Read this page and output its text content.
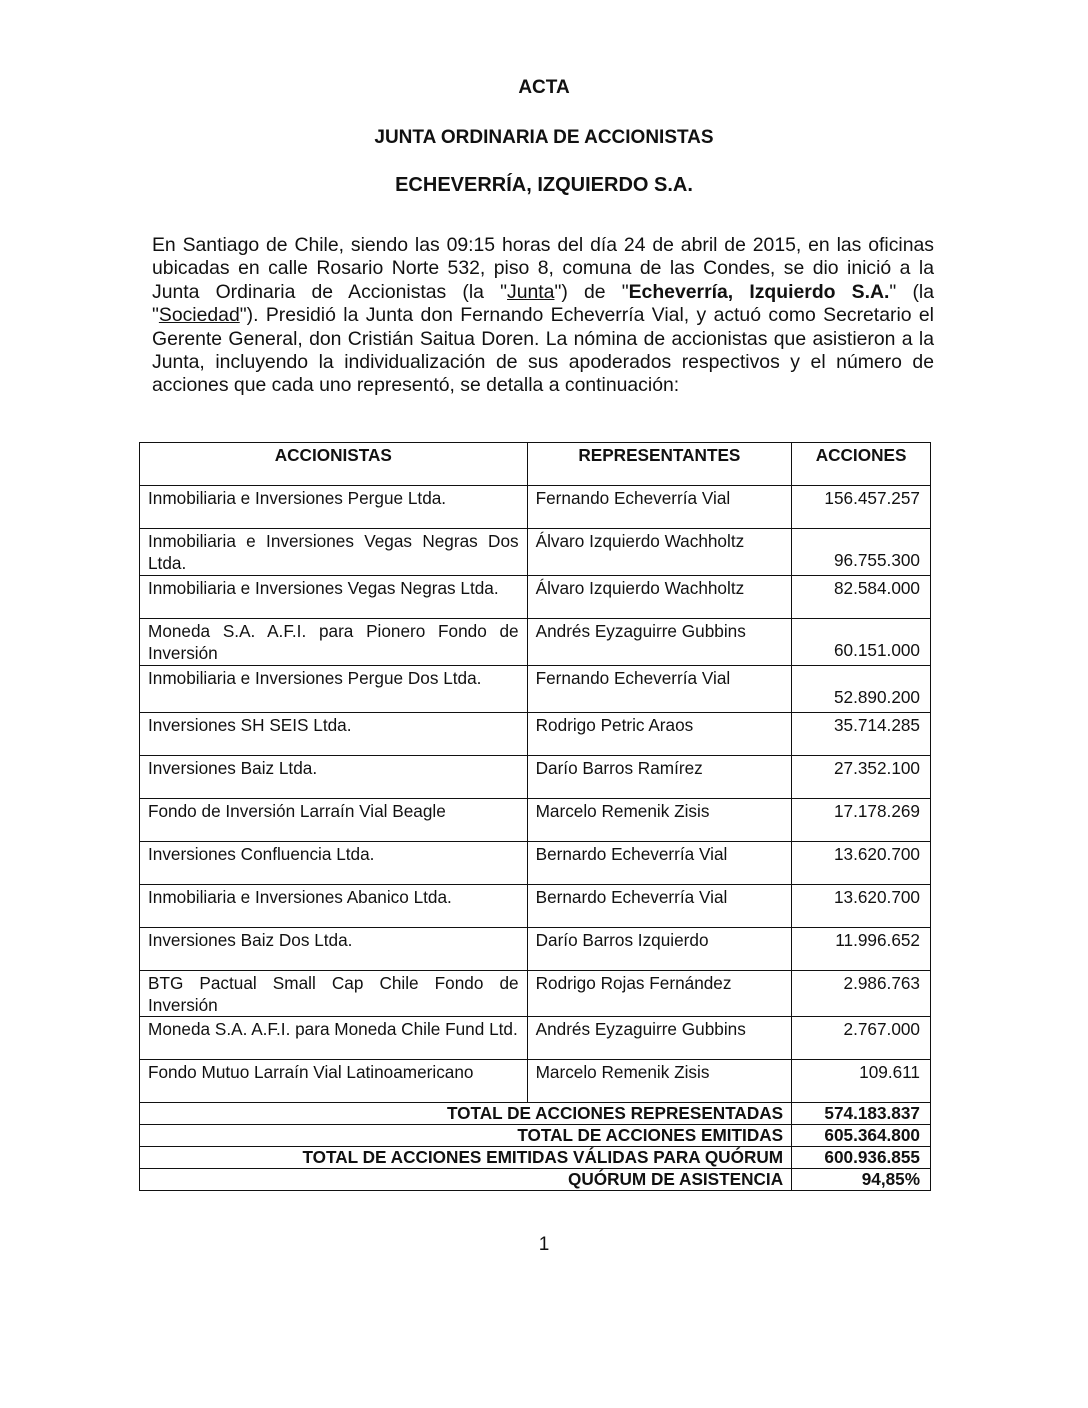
ACTA
JUNTA ORDINARIA DE ACCIONISTAS
ECHEVERRÍA, IZQUIERDO S.A.
En Santiago de Chile, siendo las 09:15 horas del día 24 de abril de 2015, en las oficinas ubicadas en calle Rosario Norte 532, piso 8, comuna de las Condes, se dio inició a la Junta Ordinaria de Accionistas (la "Junta") de "Echeverría, Izquierdo S.A." (la "Sociedad"). Presidió la Junta don Fernando Echeverría Vial, y actuó como Secretario el Gerente General, don Cristián Saitua Doren. La nómina de accionistas que asistieron a la Junta, incluyendo la individualización de sus apoderados respectivos y el número de acciones que cada uno representó, se detalla a continuación:
ACCIONISTAS	REPRESENTANTES	ACCIONES
Inmobiliaria e Inversiones Pergue Ltda.	Fernando Echeverría Vial	156.457.257
Inmobiliaria e Inversiones Vegas Negras Dos Ltda.	Álvaro Izquierdo Wachholtz	96.755.300
Inmobiliaria e Inversiones Vegas Negras Ltda.	Álvaro Izquierdo Wachholtz	82.584.000
Moneda S.A. A.F.I. para Pionero Fondo de Inversión	Andrés Eyzaguirre Gubbins	60.151.000
Inmobiliaria e Inversiones Pergue Dos Ltda.	Fernando Echeverría Vial	52.890.200
Inversiones SH SEIS Ltda.	Rodrigo Petric Araos	35.714.285
Inversiones Baiz Ltda.	Darío Barros Ramírez	27.352.100
Fondo de Inversión Larraín Vial Beagle	Marcelo Remenik Zisis	17.178.269
Inversiones Confluencia Ltda.	Bernardo Echeverría Vial	13.620.700
Inmobiliaria e Inversiones Abanico Ltda.	Bernardo Echeverría Vial	13.620.700
Inversiones Baiz Dos Ltda.	Darío Barros Izquierdo	11.996.652
BTG Pactual Small Cap Chile Fondo de Inversión	Rodrigo Rojas Fernández	2.986.763
Moneda S.A. A.F.I. para Moneda Chile Fund Ltd.	Andrés Eyzaguirre Gubbins	2.767.000
Fondo Mutuo Larraín Vial Latinoamericano	Marcelo Remenik Zisis	109.611
TOTAL DE ACCIONES REPRESENTADAS		574.183.837
TOTAL DE ACCIONES EMITIDAS		605.364.800
TOTAL DE ACCIONES EMITIDAS VÁLIDAS PARA QUÓRUM		600.936.855
QUÓRUM DE ASISTENCIA		94,85%
1
